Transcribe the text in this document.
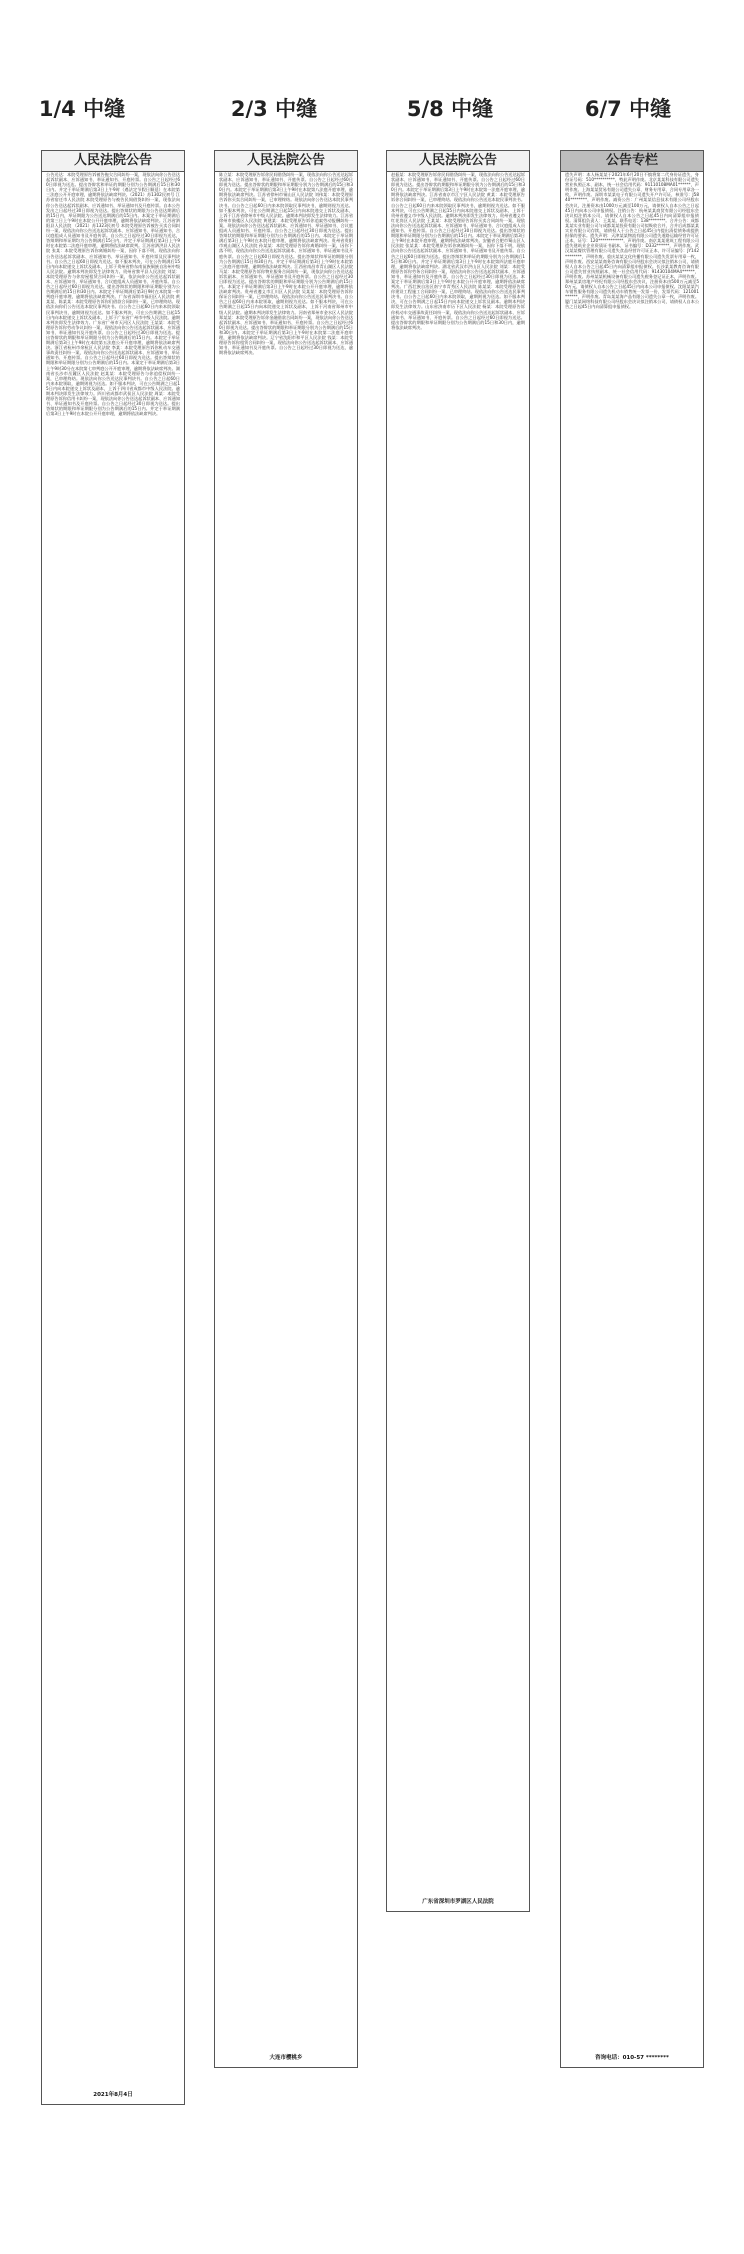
1/4 中缝	2/3 中缝	5/8 中缝	6/7 中缝
人民法院公告

公告送达：本院受理原告诉被告拖欠合同纠纷一案，现依法向你公告送达起诉状副本、应诉通知书、举证通知书、开庭传票。自公告之日起经过60日即视为送达。提出答辩状和举证的期限分别为公告期满后15日和30日内。并定于举证期满后第3日上午9时（遇法定节假日顺延）在本院第三法庭公开开庭审理，逾期将依法缺席判决。（2021）苏1302民初号 江苏省宿迁市人民法院 本院受理原告与被告民间借贷纠纷一案，现依法向你公告送达起诉状副本、应诉通知书、举证通知书及开庭传票。自本公告发出之日起经过30日即视为送达。提出答辩状的期限为公告送达期满后的15日内，举证期限为公告送达期满后的15日内。本案定于举证期满后的第三日上午9时在本院公开开庭审理，逾期将依法缺席判决。江苏省泗阳县人民法院 （2021）苏1323民初号 本院受理原告诉被告买卖合同纠纷一案，现依法向你公告送达起诉状副本、应诉通知书、举证通知书、合议庭组成人员通知书及开庭传票。自公告之日起经过30日即视为送达，答辩期和举证期均为公告期满后15日内，并定于举证期满后第3日上午9时在本院第二法庭开庭审理，逾期将依法缺席裁判。江苏省泗洪县人民法院 张某：本院受理原告诉你离婚纠纷一案，因你下落不明，现依法向你公告送达起诉状副本、应诉通知书、举证通知书、开庭传票及民事判决书。自公告之日起60日即视为送达。如不服本判决，可在公告期满后15日内向本院递交上诉状及副本，上诉于贵州省黔东南苗族侗族自治州中级人民法院。逾期本判决即发生法律效力。贵州省黎平县人民法院 刘某：本院受理原告与你房屋租赁合同纠纷一案，依法向你公告送达起诉状副本、应诉通知书、举证通知书、合议庭组成人员通知书、开庭传票。自公告之日起经过60日即视为送达。提出答辩状的期限和举证期限分别为公告期满后的15日和30日内。本院定于举证期满后第3日9时在本院第一审判庭开庭审理，逾期将依法缺席判决。广东省深圳市福田区人民法院 黄某某、陈某某：本院受理原告诉你们借款合同纠纷一案，已审理终结。现依法向你们公告送达本院民事判决书。自公告之日起60日内来本院领取民事判决书，逾期则视为送达。如不服本判决，可在公告期满之日起15日内向本院递交上诉状及副本，上诉于广东省广州市中级人民法院。逾期本判决即发生法律效力。广东省广州市天河区人民法院 王某某：本院受理原告诉你劳动争议纠纷一案，现依法向你公告送达起诉状副本、应诉通知书、举证通知书及开庭传票。自公告之日起经过30日即视为送达。提出答辩状的期限和举证期限分别为公告期满后的15日内。本院定于举证期满后第3日上午9时在本院第五法庭公开开庭审理，逾期将依法缺席判决。浙江省杭州市余杭区人民法院 李某：本院受理原告诉你机动车交通事故责任纠纷一案，现依法向你公告送达起诉状副本、应诉通知书、举证通知书、开庭传票。自公告之日起经过60日即视为送达。提出答辩状的期限和举证期限分别为公告期满后的15日内。本案定于举证期满后第3日上午9时30分在本院第七审判庭公开开庭审理，逾期将依法缺席判决。湖南省长沙市岳麓区人民法院 赵某某：本院受理原告与你追偿权纠纷一案，已审理终结。现依法向你公告送达民事判决书。自公告之日起60日内来本院领取，逾期则视为送达。如不服本判决，可在公告期满之日起15日内向本院递交上诉状及副本，上诉于四川省成都市中级人民法院。逾期本判决即发生法律效力。四川省成都市武侯区人民法院 周某：本院受理原告诉你信用卡纠纷一案，现依法向你公告送达起诉状副本、应诉通知书、举证通知书及开庭传票。自公告之日起经过30日即视为送达。提出答辩状的期限和举证期限分别为公告期满后的15日内。并定于举证期满后第3日上午9时在本院公开开庭审理，逾期将依法缺席判决。

2021年8月4日
人民法院公告

陈立某：本院受理原告诉你民间借贷纠纷一案，现依法向你公告送达起诉状副本、应诉通知书、举证通知书、开庭传票。自公告之日起经过60日即视为送达。提出答辩状的期限和举证期限分别为公告期满后的15日和30日内。本院定于举证期满后第3日上午9时在本院第八法庭开庭审理，逾期将依法缺席判决。江苏省徐州市铜山区人民法院 刘伟某：本院受理原告诉你买卖合同纠纷一案，已审理终结。现依法向你公告送达本院民事判决书。自公告之日起60日内来本院领取民事判决书，逾期则视为送达。如不服本判决，可在公告期满之日起15日内向本院递交上诉状及副本，上诉于江苏省徐州市中级人民法院。逾期本判决即发生法律效力。江苏省徐州市鼓楼区人民法院 黄建某：本院受理原告诉你追索劳动报酬纠纷一案，现依法向你公告送达起诉状副本、应诉通知书、举证通知书、合议庭组成人员通知书、开庭传票。自公告之日起经过30日即视为送达。提出答辩状的期限和举证期限分别为公告期满后的15日内。本院定于举证期满后第3日上午9时在本院开庭审理，逾期将依法缺席判决。贵州省贵阳市观山湖区人民法院 孙某某：本院受理原告诉你离婚纠纷一案，因你下落不明，现依法向你公告送达起诉状副本、应诉通知书、举证通知书及开庭传票。自公告之日起60日即视为送达。提出答辩状和举证的期限分别为公告期满后15日和30日内。并定于举证期满后第3日上午9时在本院第三法庭开庭审理，逾期将依法缺席判决。江西省南昌市青山湖区人民法院 马某：本院受理原告诉你物业服务合同纠纷一案，现依法向你公告送达起诉状副本、应诉通知书、举证通知书及开庭传票。自公告之日起经过30日即视为送达。提出答辩状的期限和举证期限分别为公告期满后的15日内。本案定于举证期满后第3日上午9时在本院公开开庭审理，逾期将依法缺席判决。贵州省遵义市汇川区人民法院 吴某某：本院受理原告诉你保证合同纠纷一案，已审理终结。现依法向你公告送达民事判决书。自公告之日起60日内来本院领取，逾期则视为送达。如不服本判决，可在公告期满之日起15日内向本院递交上诉状及副本，上诉于河南省郑州市中级人民法院。逾期本判决即发生法律效力。河南省郑州市金水区人民法院 郑某某：本院受理原告诉你金融借款合同纠纷一案，现依法向你公告送达起诉状副本、应诉通知书、举证通知书、开庭传票。自公告之日起经过60日即视为送达。提出答辩状的期限和举证期限分别为公告期满后的15日和30日内。本院定于举证期满后第3日上午9时在本院第二法庭开庭审理，逾期将依法缺席判决。辽宁省沈阳市和平区人民法院 钱某：本院受理原告诉你租赁合同纠纷一案，现依法向你公告送达起诉状副本、应诉通知书、举证通知书及开庭传票。自公告之日起经过30日即视为送达，逾期将依法缺席判决。

大连市樱桃乡
人民法院公告

赵振某：本院受理原告诉你民间借贷纠纷一案，现依法向你公告送达起诉状副本、应诉通知书、举证通知书、开庭传票。自公告之日起经过60日即视为送达。提出答辩状的期限和举证期限分别为公告期满后的15日和30日内。本院定于举证期满后第3日上午9时在本院第一法庭开庭审理，逾期将依法缺席判决。江苏省南京市江宁区人民法院 黄某：本院受理原告诉你合同纠纷一案，已审理终结。现依法向你公告送达本院民事判决书。自公告之日起60日内来本院领取民事判决书，逾期则视为送达。如不服本判决，可在公告期满之日起15日内向本院递交上诉状及副本，上诉于贵州省遵义市中级人民法院。逾期本判决即发生法律效力。贵州省遵义市红花岗区人民法院 王某某：本院受理原告诉你买卖合同纠纷一案，现依法向你公告送达起诉状副本、应诉通知书、举证通知书、合议庭组成人员通知书、开庭传票。自公告之日起经过30日即视为送达。提出答辩状的期限和举证期限分别为公告期满后的15日内。本院定于举证期满后第3日上午9时在本院开庭审理，逾期将依法缺席判决。安徽省合肥市蜀山区人民法院 张某某：本院受理原告诉你离婚纠纷一案，因你下落不明，现依法向你公告送达起诉状副本、应诉通知书、举证通知书及开庭传票。自公告之日起60日即视为送达。提出答辩状和举证的期限分别为公告期满后15日和30日内。并定于举证期满后第3日上午9时在本院第四法庭开庭审理，逾期将依法缺席判决。湖北省武汉市洪山区人民法院 刘某：本院受理原告诉你劳务合同纠纷一案，现依法向你公告送达起诉状副本、应诉通知书、举证通知书及开庭传票。自公告之日起经过30日即视为送达。本案定于举证期满后第3日上午9时在本院公开开庭审理，逾期将依法缺席判决。广西壮族自治区南宁市青秀区人民法院 陈某某：本院受理原告诉你建设工程施工合同纠纷一案，已审理终结。现依法向你公告送达民事判决书。自公告之日起60日内来本院领取，逾期则视为送达。如不服本判决，可在公告期满之日起15日内向本院递交上诉状及副本。逾期本判决即发生法律效力。山东省济南市历下区人民法院 杨某：本院受理原告诉你机动车交通事故责任纠纷一案，现依法向你公告送达起诉状副本、应诉通知书、举证通知书、开庭传票。自公告之日起经过60日即视为送达。提出答辩状的期限和举证期限分别为公告期满后的15日和30日内，逾期将依法缺席判决。

广东省深圳市罗湖区人民法院
公告专栏

遗失声明：本人杨某某于2021年6月20日不慎将第二代身份证遗失，身份证号码：510**********，特此声明作废。北京某某科技有限公司遗失营业执照正本、副本，统一社会信用代码：91110108MA01******，声明作废。上海某某贸易有限公司遗失公章、财务专用章、合同专用章各一枚，声明作废。深圳市某某电子有限公司遗失开户许可证，核准号：J5840********，声明作废。减资公告：广州某某信息技术有限公司经股东会决议，注册资本由1000万元减至100万元，请债权人自本公告之日起45日内向本公司申报债权。注销公告：杭州某某商贸有限公司经股东会决议拟注销本公司，请债权人自本公告之日起45日内向清算组申报债权。清算组负责人：王某某，联系电话：138********。合并公告：成都某某实业有限公司与成都某某投资有限公司拟吸收合并，合并后成都某某实业有限公司存续，请债权人于公告之日起45日内提出清偿债务或提供担保的要求。遗失声明：天津某某物流有限公司遗失道路运输经营许可证正本，证号：120************，声明作废。南京某某建筑工程有限公司遗失建筑业企业资质证书副本，证书编号：D332******，声明作废。武汉某某餐饮管理有限公司遗失食品经营许可证正本，许可证编号：JY142********，声明作废。重庆某某文化传播有限公司遗失发票专用章一枚，声明作废。西安某某商务咨询有限公司经股东会决议拟注销本公司，请债权人自本公告之日起45日内向清算组申报债权。长沙某某教育咨询有限公司遗失营业执照副本，统一社会信用代码：91430104MA4******，声明作废。苏州某某机械设备有限公司遗失税务登记证正本，声明作废。郑州某某房地产经纪有限公司经股东会决议，注册资本由500万元减至50万元，请债权人自本公告之日起45日内向本公司申报债权。沈阳某某汽车销售服务有限公司遗失机动车销售统一发票一份，发票代码：121001******，声明作废。青岛某某海产品有限公司遗失公章一枚，声明作废。厦门某某网络科技有限公司经股东会决议拟注销本公司，请债权人自本公告之日起45日内向清算组申报债权。

咨询电话：010-57 ********
